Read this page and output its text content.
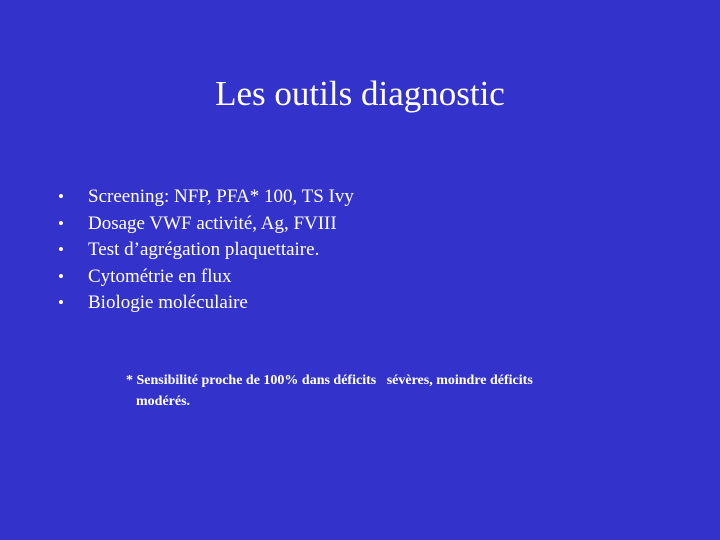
Les outils diagnostic
•	Screening: NFP, PFA* 100, TS Ivy
•	Dosage VWF activité, Ag, FVIII
•	Test d’agrégation plaquettaire.
•	Cytométrie en flux
•	Biologie moléculaire

* Sensibilité proche de 100% dans déficits   sévères, moindre déficits
modérés.
